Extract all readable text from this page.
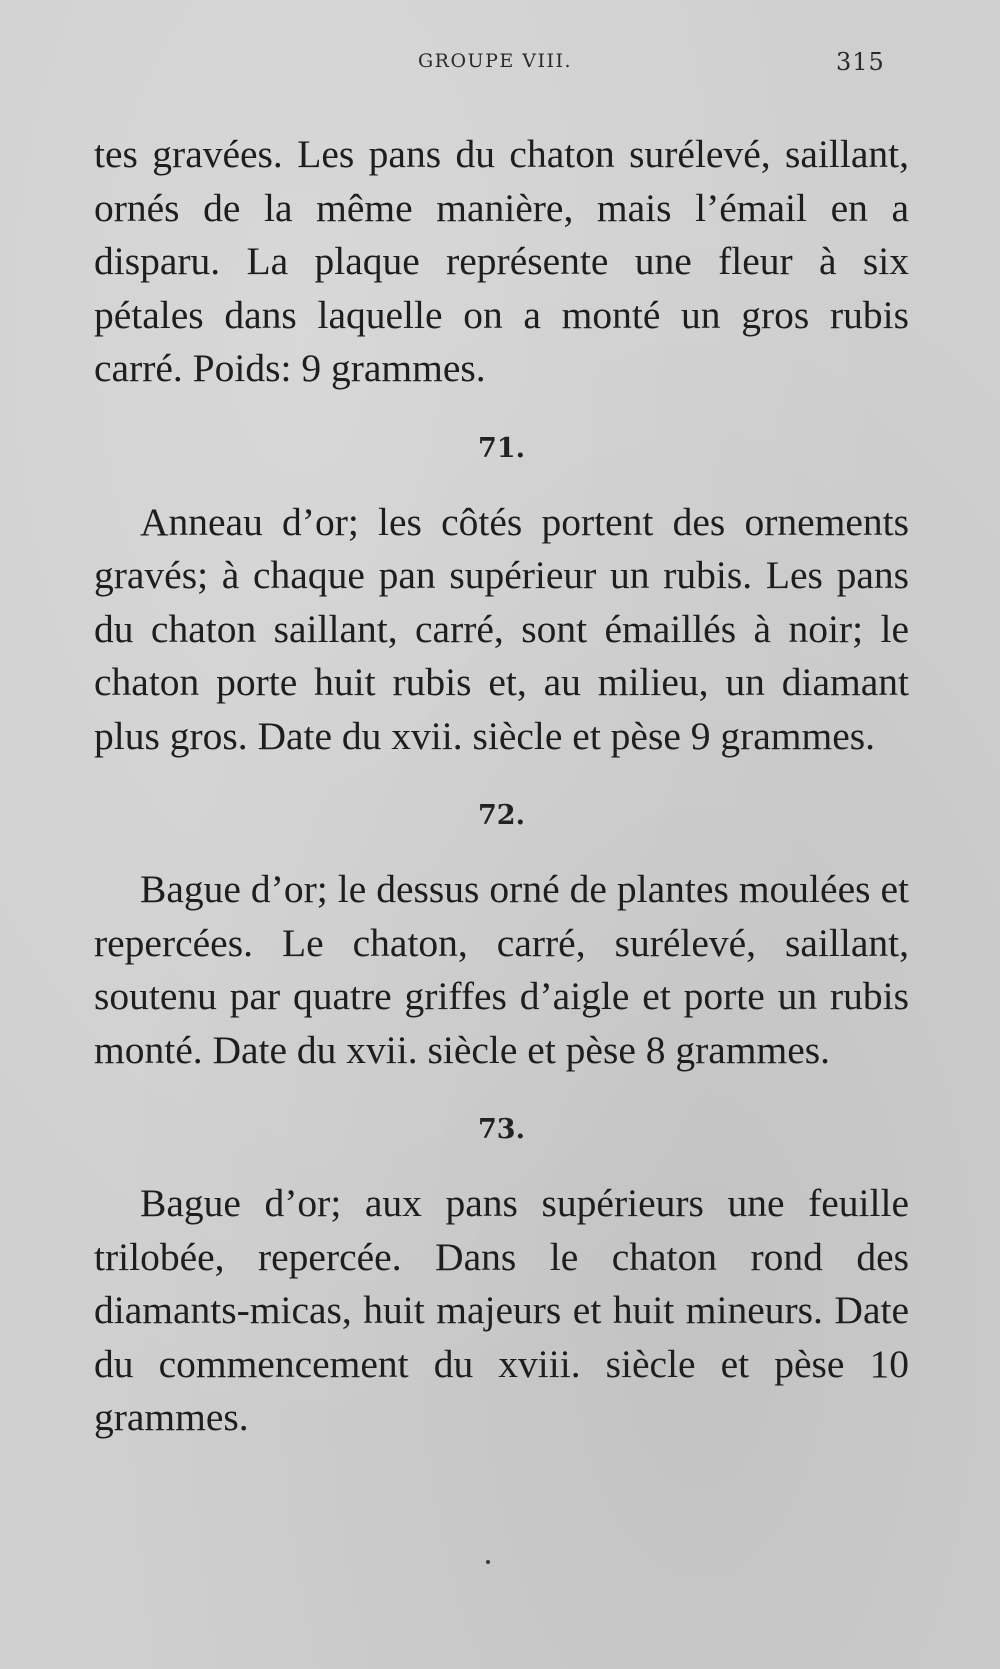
GROUPE VIII.	315

tes gravées. Les pans du chaton surélevé, saillant, ornés de la même manière, mais l’émail en a disparu. La plaque représente une fleur à six pétales dans laquelle on a monté un gros rubis carré. Poids: 9 grammes.

71.

Anneau d’or; les côtés portent des ornements gravés; à chaque pan supérieur un rubis. Les pans du chaton saillant, carré, sont émaillés à noir; le chaton porte huit rubis et, au milieu, un diamant plus gros. Date du xvii. siècle et pèse 9 grammes.

72.

Bague d’or; le dessus orné de plantes moulées et repercées. Le chaton, carré, surélevé, saillant, soutenu par quatre griffes d’aigle et porte un rubis monté. Date du xvii. siècle et pèse 8 grammes.

73.

Bague d’or; aux pans supérieurs une feuille trilobée, repercée. Dans le chaton rond des diamants-micas, huit majeurs et huit mineurs. Date du commencement du xviii. siècle et pèse 10 grammes.
